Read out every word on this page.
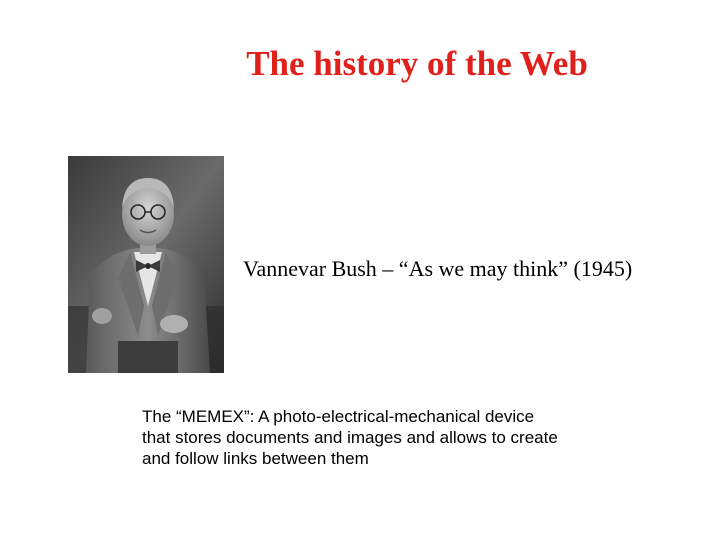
The history of the Web
Vannevar Bush – “As we may think” (1945)
The “MEMEX”: A photo-electrical-mechanical device
that stores documents and images and allows to create
and follow links between them
